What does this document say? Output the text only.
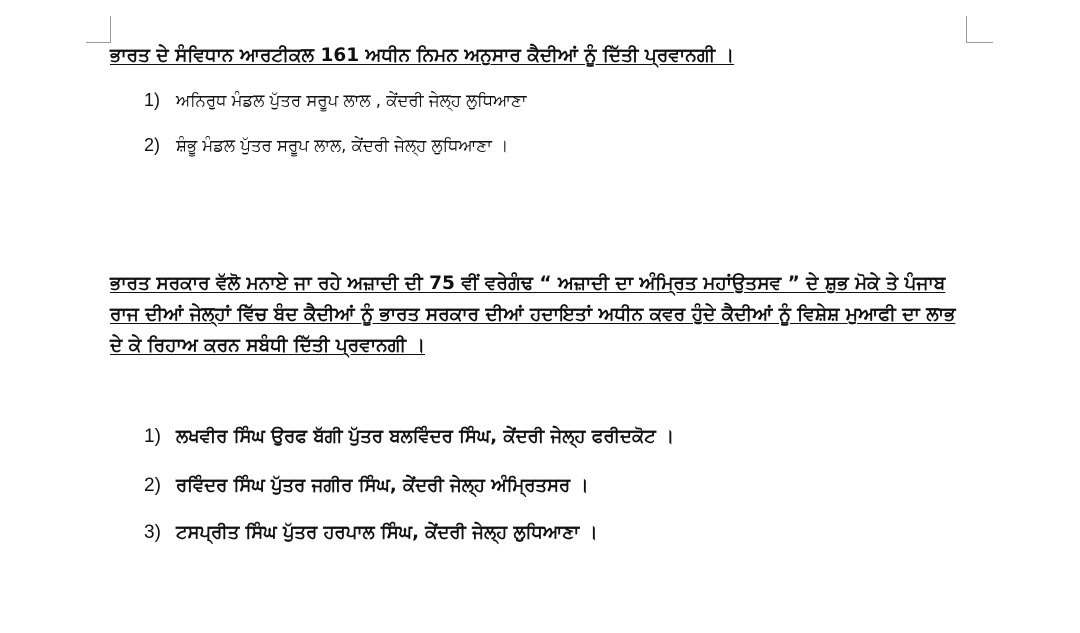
ਭਾਰਤ ਦੇ ਸੰਵਿਧਾਨ ਆਰਟੀਕਲ 161 ਅਧੀਨ ਨਿਮਨ ਅਨੁਸਾਰ ਕੈਦੀਆਂ ਨੂੰ ਦਿੱਤੀ ਪ੍ਰਵਾਨਗੀ ।

1) ਅਨਿਰੁਧ ਮੰਡਲ ਪੁੱਤਰ ਸਰੂਪ ਲਾਲ , ਕੇਂਦਰੀ ਜੇਲ੍ਹ ਲੁਧਿਆਣਾ
2) ਸ਼ੰਭੂ ਮੰਡਲ ਪੁੱਤਰ ਸਰੂਪ ਲਾਲ, ਕੇਂਦਰੀ ਜੇਲ੍ਹ ਲੁਧਿਆਣਾ ।

ਭਾਰਤ ਸਰਕਾਰ ਵੱਲੋ ਮਨਾਏ ਜਾ ਰਹੇ ਅਜ਼ਾਦੀ ਦੀ 75 ਵੀਂ ਵਰੇਗੰਢ “ ਅਜ਼ਾਦੀ ਦਾ ਅੰਮ੍ਰਿਤ ਮਹਾਂਉਤਸਵ ” ਦੇ ਸ਼ੁਭ ਮੋਕੇ ਤੇ ਪੰਜਾਬ ਰਾਜ ਦੀਆਂ ਜੇਲ੍ਹਾਂ ਵਿੱਚ ਬੰਦ ਕੈਦੀਆਂ ਨੂੰ ਭਾਰਤ ਸਰਕਾਰ ਦੀਆਂ ਹਦਾਇਤਾਂ ਅਧੀਨ ਕਵਰ ਹੁੰਦੇ ਕੈਦੀਆਂ ਨੂੰ ਵਿਸ਼ੇਸ਼ ਮੁਆਫੀ ਦਾ ਲਾਭ ਦੇ ਕੇ ਰਿਹਾਅ ਕਰਨ ਸਬੰਧੀ ਦਿੱਤੀ ਪ੍ਰਵਾਨਗੀ ।

1) ਲਖਵੀਰ ਸਿੰਘ ਉਰਫ ਬੱਗੀ ਪੁੱਤਰ ਬਲਵਿੰਦਰ ਸਿੰਘ, ਕੇਂਦਰੀ ਜੇਲ੍ਹ ਫਰੀਦਕੋਟ ।
2) ਰਵਿੰਦਰ ਸਿੰਘ ਪੁੱਤਰ ਜਗੀਰ ਸਿੰਘ, ਕੇਂਦਰੀ ਜੇਲ੍ਹ ਅੰਮ੍ਰਿਤਸਰ ।
3) ਟਸਪ੍ਰੀਤ ਸਿੰਘ ਪੁੱਤਰ ਹਰਪਾਲ ਸਿੰਘ, ਕੇਂਦਰੀ ਜੇਲ੍ਹ ਲੁਧਿਆਣਾ ।
